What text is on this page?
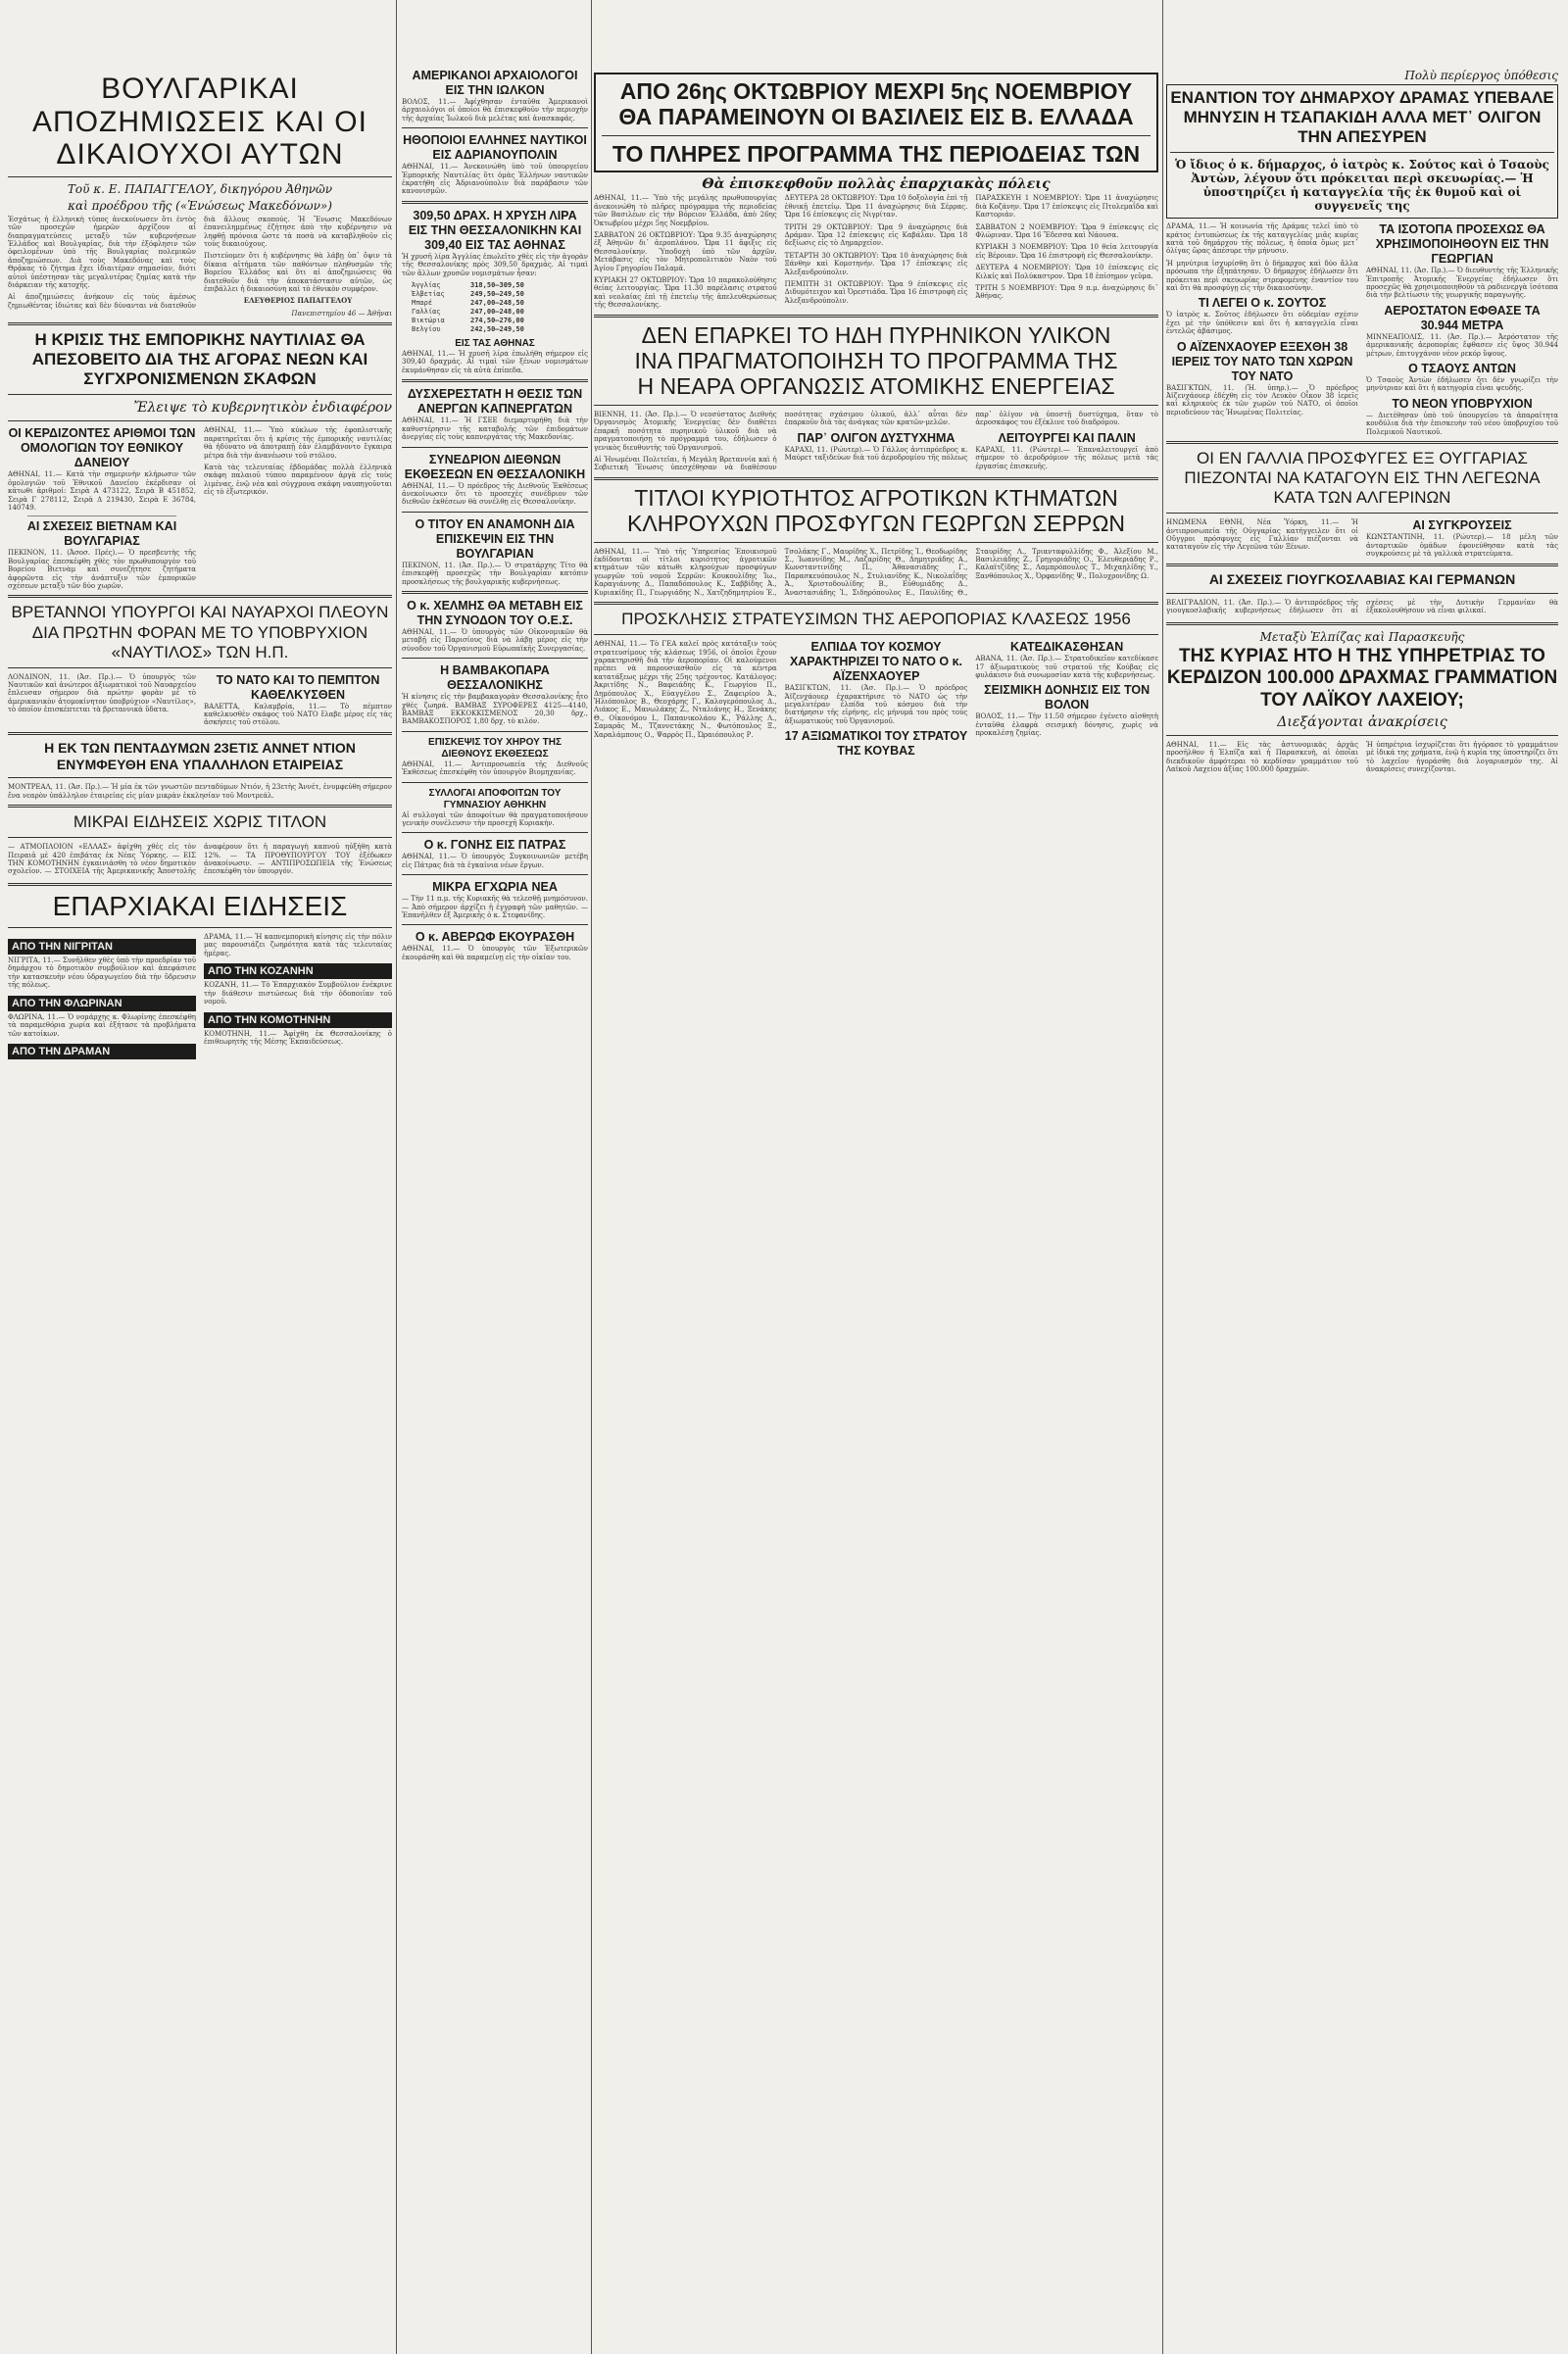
ΒΟΥΛΓΑΡΙΚΑΙ ΑΠΟΖΗΜΙΩΣΕΙΣ ΚΑΙ ΟΙ ΔΙΚΑΙΟΥΧΟΙ ΑΥΤΩΝ
Τοῦ κ. Ε. ΠΑΠΑΓΓΕΛΟΥ, δικηγόρου Ἀθηνῶν
καὶ προέδρου τῆς («Ἑνώσεως Μακεδόνων»)

Ἐσχάτως ἡ ἑλληνικὴ τύπος ἀνεκοίνωσεν ὅτι ἐντὸς τῶν προσεχῶν ἡμερῶν ἀρχίζουν αἱ διαπραγματεύσεις μεταξὺ τῶν κυβερνήσεων Ἑλλάδος καὶ Βουλγαρίας, διὰ τὴν ἐξόφλησιν τῶν ὀφειλομένων ὑπὸ τῆς Βουλγαρίας πολεμικῶν ἀποζημιώσεων. Διὰ τοὺς Μακεδόνας καὶ τοὺς Θρᾷκας τὸ ζήτημα ἔχει ἰδιαιτέραν σημασίαν, διότι αὐτοὶ ὑπέστησαν τὰς μεγαλυτέρας ζημίας κατὰ τὴν διάρκειαν τῆς κατοχῆς.

Αἱ ἀποζημιώσεις ἀνήκουν εἰς τοὺς ἀμέσως ζημιωθέντας ἰδιώτας καὶ δὲν δύνανται νὰ διατεθοῦν διὰ ἄλλους σκοπούς. Ἡ Ἕνωσις Μακεδόνων ἐπανειλημμένως ἐζήτησε ἀπὸ τὴν κυβέρνησιν νὰ ληφθῇ πρόνοια ὥστε τὰ ποσὰ νὰ καταβληθοῦν εἰς τοὺς δικαιούχους.

Πιστεύομεν ὅτι ἡ κυβέρνησις θὰ λάβῃ ὑπ᾽ ὄψιν τὰ δίκαια αἰτήματα τῶν παθόντων πληθυσμῶν τῆς Βορείου Ἑλλάδος καὶ ὅτι αἱ ἀποζημιώσεις θὰ διατεθοῦν διὰ τὴν ἀποκατάστασιν αὐτῶν, ὡς ἐπιβάλλει ἡ δικαιοσύνη καὶ τὸ ἐθνικὸν συμφέρον.

ΕΛΕΥΘΕΡΙΟΣ ΠΑΠΑΓΓΕΛΟΥ

Πανεπιστημίου 46 — Ἀθῆναι

Η ΚΡΙΣΙΣ ΤΗΣ ΕΜΠΟΡΙΚΗΣ ΝΑΥΤΙΛΙΑΣ ΘΑ ΑΠΕΣΟΒΕΙΤΟ ΔΙΑ ΤΗΣ ΑΓΟΡΑΣ ΝΕΩΝ ΚΑΙ ΣΥΓΧΡΟΝΙΣΜΕΝΩΝ ΣΚΑΦΩΝ
Ἔλειψε τὸ κυβερνητικὸν ἐνδιαφέρον
ΟΙ ΚΕΡΔΙΖΟΝΤΕΣ ΑΡΙΘΜΟΙ ΤΩΝ ΟΜΟΛΟΓΙΩΝ ΤΟΥ ΕΘΝΙΚΟΥ ΔΑΝΕΙΟΥ

ΑΘΗΝΑΙ, 11.— Κατὰ τὴν σημερινὴν κλήρωσιν τῶν ὁμολογιῶν τοῦ Ἐθνικοῦ Δανείου ἐκέρδισαν οἱ κάτωθι ἀριθμοί: Σειρὰ Α 473122, Σειρὰ Β 451852, Σειρὰ Γ 278112, Σειρὰ Δ 219430, Σειρὰ Ε 36784, 140749.

ΑΙ ΣΧΕΣΕΙΣ ΒΙΕΤΝΑΜ ΚΑΙ ΒΟΥΛΓΑΡΙΑΣ

ΠΕΚΙΝΟΝ, 11. (Ἀσοσ. Πρές).— Ὁ πρεσβευτὴς τῆς Βουλγαρίας ἐπεσκέφθη χθὲς τὸν πρωθυπουργὸν τοῦ Βορείου Βιετνὰμ καὶ συνεζήτησε ζητήματα ἀφορῶντα εἰς τὴν ἀνάπτυξιν τῶν ἐμπορικῶν σχέσεων μεταξὺ τῶν δύο χωρῶν.

ΑΘΗΝΑΙ, 11.— Ὑπὸ κύκλων τῆς ἐφοπλιστικῆς παρατηρεῖται ὅτι ἡ κρίσις τῆς ἐμπορικῆς ναυτιλίας θὰ ἠδύνατο νὰ ἀποτραπῇ ἐὰν ἐλαμβάνοντο ἔγκαιρα μέτρα διὰ τὴν ἀνανέωσιν τοῦ στόλου.

Κατὰ τὰς τελευταίας ἑβδομάδας πολλὰ ἑλληνικὰ σκάφη παλαιοῦ τύπου παραμένουν ἀργὰ εἰς τοὺς λιμένας, ἐνῷ νέα καὶ σύγχρονα σκάφη ναυπηγοῦνται εἰς τὸ ἐξωτερικόν.

ΒΡΕΤΑΝΝΟΙ ΥΠΟΥΡΓΟΙ ΚΑΙ ΝΑΥΑΡΧΟΙ ΠΛΕΟΥΝ ΔΙΑ ΠΡΩΤΗΝ ΦΟΡΑΝ ΜΕ ΤΟ ΥΠΟΒΡΥΧΙΟΝ «ΝΑΥΤΙΛΟΣ» ΤΩΝ Η.Π.

ΛΟΝΔΙΝΟΝ, 11. (Ἀσ. Πρ.).— Ὁ ὑπουργὸς τῶν Ναυτικῶν καὶ ἀνώτεροι ἀξιωματικοὶ τοῦ Ναυαρχείου ἔπλευσαν σήμερον διὰ πρώτην φορὰν μὲ τὸ ἀμερικανικὸν ἀτομοκίνητον ὑποβρύχιον «Ναυτίλος», τὸ ὁποῖον ἐπισκέπτεται τὰ βρεταννικὰ ὕδατα.

ΤΟ ΝΑΤΟ ΚΑΙ ΤΟ ΠΕΜΠΤΟΝ ΚΑΘΕΛΚΥΣΘΕΝ

ΒΑΛΕΤΤΑ, Καλαμβρία, 11.— Τὸ πέμπτον καθελκυσθὲν σκάφος τοῦ ΝΑΤΟ ἔλαβε μέρος εἰς τὰς ἀσκήσεις τοῦ στόλου.

Η ΕΚ ΤΩΝ ΠΕΝΤΑΔΥΜΩΝ 23ΕΤΙΣ ΑΝΝΕΤ ΝΤΙΟΝ ΕΝΥΜΦΕΥΘΗ ΕΝΑ ΥΠΑΛΛΗΛΟΝ ΕΤΑΙΡΕΙΑΣ

ΜΟΝΤΡΕΑΛ, 11. (Ἀσ. Πρ.).— Ἡ μία ἐκ τῶν γνωστῶν πενταδύμων Ντιόν, ἡ 23ετὴς Ἀννέτ, ἐνυμφεύθη σήμερον ἕνα νεαρὸν ὑπάλληλον ἐταιρείας εἰς μίαν μικρὰν ἐκκλησίαν τοῦ Μοντρεάλ.

ΜΙΚΡΑΙ ΕΙΔΗΣΕΙΣ ΧΩΡΙΣ ΤΙΤΛΟΝ

— ΑΤΜΟΠΛΟΙΟΝ «ΕΛΛΑΣ» ἀφίχθη χθὲς εἰς τὸν Πειραιᾶ μὲ 420 ἐπιβάτας ἐκ Νέας Ὑόρκης. — ΕΙΣ ΤΗΝ ΚΟΜΟΤΗΝΗΝ ἐγκαινιάσθη τὸ νέον δημοτικὸν σχολεῖον. — ΣΤΟΙΧΕΙΑ τῆς Ἀμερικανικῆς Ἀποστολῆς ἀναφέρουν ὅτι ἡ παραγωγὴ καπνοῦ ηὐξήθη κατὰ 12%. — ΤΑ ΠΡΟΘΥΠΟΥΡΓΟΥ ΤΟΥ ἐξέδωκεν ἀνακοίνωσιν. — ΑΝΤΙΠΡΟΣΩΠΕΙΑ τῆς Ἑνώσεως ἐπεσκέφθη τὸν ὑπουργόν.

ΕΠΑΡΧΙΑΚΑΙ ΕΙΔΗΣΕΙΣ
ΑΠΟ ΤΗΝ ΝΙΓΡΙΤΑΝ

ΝΙΓΡΙΤΑ, 11.— Συνῆλθεν χθὲς ὑπὸ τὴν προεδρίαν τοῦ δημάρχου τὸ δημοτικὸν συμβούλιον καὶ ἀπεφάσισε τὴν κατασκευὴν νέου ὑδραγωγείου διὰ τὴν ὕδρευσιν τῆς πόλεως.

ΑΠΟ ΤΗΝ ΦΛΩΡΙΝΑΝ

ΦΛΩΡΙΝΑ, 11.— Ὁ νομάρχης κ. Φλωρίνης ἐπεσκέφθη τὰ παραμεθόρια χωρία καὶ ἐξήτασε τὰ προβλήματα τῶν κατοίκων.

ΑΠΟ ΤΗΝ ΔΡΑΜΑΝ

ΔΡΑΜΑ, 11.— Ἡ καπνεμπορικὴ κίνησις εἰς τὴν πόλιν μας παρουσιάζει ζωηρότητα κατὰ τὰς τελευταίας ἡμέρας.

ΑΠΟ ΤΗΝ ΚΟΖΑΝΗΝ

ΚΟΖΑΝΗ, 11.— Τὸ Ἐπαρχιακὸν Συμβούλιον ἐνέκρινε τὴν διάθεσιν πιστώσεως διὰ τὴν ὁδοποιίαν τοῦ νομοῦ.

ΑΠΟ ΤΗΝ ΚΟΜΟΤΗΝΗΝ

ΚΟΜΟΤΗΝΗ, 11.— Ἀφίχθη ἐκ Θεσσαλονίκης ὁ ἐπιθεωρητὴς τῆς Μέσης Ἐκπαιδεύσεως.

ΑΜΕΡΙΚΑΝΟΙ ΑΡΧΑΙΟΛΟΓΟΙ ΕΙΣ ΤΗΝ ΙΩΛΚΟΝ

ΒΟΛΟΣ, 11.— Ἀφίχθησαν ἐνταῦθα Ἀμερικανοὶ ἀρχαιολόγοι οἱ ὁποῖοι θὰ ἐπισκεφθοῦν τὴν περιοχὴν τῆς ἀρχαίας Ἰωλκοῦ διὰ μελέτας καὶ ἀνασκαφάς.

ΗΘΟΠΟΙΟΙ ΕΛΛΗΝΕΣ ΝΑΥΤΙΚΟΙ ΕΙΣ ΑΔΡΙΑΝΟΥΠΟΛΙΝ

ΑΘΗΝΑΙ, 11.— Ἀνεκοινώθη ὑπὸ τοῦ ὑπουργείου Ἐμπορικῆς Ναυτιλίας ὅτι ὁμὰς Ἑλλήνων ναυτικῶν ἐκρατήθη εἰς Ἀδριανούπολιν διὰ παράβασιν τῶν κανονισμῶν.

309,50 ΔΡΑΧ. Η ΧΡΥΣΗ ΛΙΡΑ ΕΙΣ ΤΗΝ ΘΕΣΣΑΛΟΝΙΚΗΝ ΚΑΙ 309,40 ΕΙΣ ΤΑΣ ΑΘΗΝΑΣ

Ἡ χρυσῆ λίρα Ἀγγλίας ἐπωλεῖτο χθὲς εἰς τὴν ἀγορὰν τῆς Θεσσαλονίκης πρὸς 309,50 δραχμάς. Αἱ τιμαὶ τῶν ἄλλων χρυσῶν νομισμάτων ἦσαν:

Ἀγγλίας	318,50—309,50
Ἐλβετίας	249,50—249,50
Μπαρέ	247,00—248,50
Γαλλίας	247,00—248,00
Βικτώρια	274,50—276,00
Βελγίου	242,50—249,50
ΕΙΣ ΤΑΣ ΑΘΗΝΑΣ

ΑΘΗΝΑΙ, 11.— Ἡ χρυσῆ λίρα ἐπωλήθη σήμερον εἰς 309,40 δραχμάς. Αἱ τιμαὶ τῶν ξένων νομισμάτων ἐκυμάνθησαν εἰς τὰ αὐτὰ ἐπίπεδα.

ΔΥΣΧΕΡΕΣΤΑΤΗ Η ΘΕΣΙΣ ΤΩΝ ΑΝΕΡΓΩΝ ΚΑΠΝΕΡΓΑΤΩΝ

ΑΘΗΝΑΙ, 11.— Ἡ ΓΣΕΕ διεμαρτυρήθη διὰ τὴν καθυστέρησιν τῆς καταβολῆς τῶν ἐπιδομάτων ἀνεργίας εἰς τοὺς καπνεργάτας τῆς Μακεδονίας.

ΣΥΝΕΔΡΙΟΝ ΔΙΕΘΝΩΝ ΕΚΘΕΣΕΩΝ ΕΝ ΘΕΣΣΑΛΟΝΙΚΗ

ΑΘΗΝΑΙ, 11.— Ὁ πρόεδρος τῆς Διεθνοῦς Ἐκθέσεως ἀνεκοίνωσεν ὅτι τὸ προσεχὲς συνέδριον τῶν διεθνῶν ἐκθέσεων θὰ συνέλθῃ εἰς Θεσσαλονίκην.

Ο ΤΙΤΟΥ ΕΝ ΑΝΑΜΟΝΗ ΔΙΑ ΕΠΙΣΚΕΨΙΝ ΕΙΣ ΤΗΝ ΒΟΥΛΓΑΡΙΑΝ

ΠΕΚΙΝΟΝ, 11. (Ἀσ. Πρ.).— Ὁ στρατάρχης Τίτο θὰ ἐπισκεφθῇ προσεχῶς τὴν Βουλγαρίαν κατόπιν προσκλήσεως τῆς βουλγαρικῆς κυβερνήσεως.

Ο κ. ΧΕΛΜΗΣ ΘΑ ΜΕΤΑΒΗ ΕΙΣ ΤΗΝ ΣΥΝΟΔΟΝ ΤΟΥ Ο.Ε.Σ.

ΑΘΗΝΑΙ, 11.— Ὁ ὑπουργὸς τῶν Οἰκονομικῶν θὰ μεταβῇ εἰς Παρισίους διὰ νὰ λάβῃ μέρος εἰς τὴν σύνοδον τοῦ Ὀργανισμοῦ Εὐρωπαϊκῆς Συνεργασίας.

Η ΒΑΜΒΑΚΟΠΑΡΑ ΘΕΣΣΑΛΟΝΙΚΗΣ

Ἡ κίνησις εἰς τὴν βαμβακαγορὰν Θεσσαλονίκης ἦτο χθὲς ζωηρά. ΒΑΜΒΑΞ ΣΥΡΟΦΕΡΕΣ 4125—4140, ΒΑΜΒΑΞ ΕΚΚΟΚΚΙΣΜΕΝΟΣ 20,30 δρχ., ΒΑΜΒΑΚΟΣΠΟΡΟΣ 1,80 δρχ. τὸ κιλόν.

ΕΠΙΣΚΕΨΙΣ ΤΟΥ ΧΗΡΟΥ ΤΗΣ ΔΙΕΘΝΟΥΣ ΕΚΘΕΣΕΩΣ

ΑΘΗΝΑΙ, 11.— Ἀντιπροσωπεία τῆς Διεθνοῦς Ἐκθέσεως ἐπεσκέφθη τὸν ὑπουργὸν Βιομηχανίας.

ΣΥΛΛΟΓΑΙ ΑΠΟΦΟΙΤΩΝ ΤΟΥ ΓΥΜΝΑΣΙΟΥ ΑΘΗΚΗΝ

Αἱ συλλογαὶ τῶν ἀποφοίτων θὰ πραγματοποιήσουν γενικὴν συνέλευσιν τὴν προσεχῆ Κυριακήν.

Ο κ. ΓΟΝΗΣ ΕΙΣ ΠΑΤΡΑΣ

ΑΘΗΝΑΙ, 11.— Ὁ ὑπουργὸς Συγκοινωνιῶν μετέβη εἰς Πάτρας διὰ τὰ ἐγκαίνια νέων ἔργων.

ΜΙΚΡΑ ΕΓΧΩΡΙΑ ΝΕΑ

— Τὴν 11 π.μ. τῆς Κυριακῆς θὰ τελεσθῇ μνημόσυνον. — Ἀπὸ σήμερον ἀρχίζει ἡ ἐγγραφὴ τῶν μαθητῶν. — Ἐπανῆλθεν ἐξ Ἀμερικῆς ὁ κ. Στεφανίδης.

Ο κ. ΑΒΕΡΩΦ ΕΚΟΥΡΑΣΘΗ

ΑΘΗΝΑΙ, 11.— Ὁ ὑπουργὸς τῶν Ἐξωτερικῶν ἐκουράσθη καὶ θὰ παραμείνῃ εἰς τὴν οἰκίαν του.

ΑΠΟ 26ης ΟΚΤΩΒΡΙΟΥ ΜΕΧΡΙ 5ης ΝΟΕΜΒΡΙΟΥ
ΘΑ ΠΑΡΑΜΕΙΝΟΥΝ ΟΙ ΒΑΣΙΛΕΙΣ ΕΙΣ Β. ΕΛΛΑΔΑ
ΤΟ ΠΛΗΡΕΣ ΠΡΟΓΡΑΜΜΑ ΤΗΣ ΠΕΡΙΟΔΕΙΑΣ ΤΩΝ
Θὰ ἐπισκεφθοῦν πολλὰς ἐπαρχιακὰς πόλεις

ΑΘΗΝΑΙ, 11.— Ὑπὸ τῆς μεγάλης πρωθυπουργίας ἀνεκοινώθη τὸ πλῆρες πρόγραμμα τῆς περιοδείας τῶν Βασιλέων εἰς τὴν Βόρειον Ἑλλάδα, ἀπὸ 26ης Ὀκτωβρίου μέχρι 5ης Νοεμβρίου.

ΣΑΒΒΑΤΟΝ 26 ΟΚΤΩΒΡΙΟΥ: Ὥρα 9.35 ἀναχώρησις ἐξ Ἀθηνῶν δι᾽ ἀεροπλάνου. Ὥρα 11 ἄφιξις εἰς Θεσσαλονίκην. Ὑποδοχὴ ὑπὸ τῶν ἀρχῶν. Μετάβασις εἰς τὸν Μητροπολιτικὸν Ναὸν τοῦ Ἁγίου Γρηγορίου Παλαμᾶ.

ΚΥΡΙΑΚΗ 27 ΟΚΤΩΒΡΙΟΥ: Ὥρα 10 παρακολούθησις θείας λειτουργίας. Ὥρα 11.30 παρέλασις στρατοῦ καὶ νεολαίας ἐπὶ τῇ ἐπετείῳ τῆς ἀπελευθερώσεως τῆς Θεσσαλονίκης.

ΔΕΥΤΕΡΑ 28 ΟΚΤΩΒΡΙΟΥ: Ὥρα 10 δοξολογία ἐπὶ τῇ ἐθνικῇ ἐπετείῳ. Ὥρα 11 ἀναχώρησις διὰ Σέρρας. Ὥρα 16 ἐπίσκεψις εἰς Νιγρίταν.

ΤΡΙΤΗ 29 ΟΚΤΩΒΡΙΟΥ: Ὥρα 9 ἀναχώρησις διὰ Δράμαν. Ὥρα 12 ἐπίσκεψις εἰς Καβάλαν. Ὥρα 18 δεξίωσις εἰς τὸ Δημαρχεῖον.

ΤΕΤΑΡΤΗ 30 ΟΚΤΩΒΡΙΟΥ: Ὥρα 10 ἀναχώρησις διὰ Ξάνθην καὶ Κομοτηνήν. Ὥρα 17 ἐπίσκεψις εἰς Ἀλεξανδρούπολιν.

ΠΕΜΠΤΗ 31 ΟΚΤΩΒΡΙΟΥ: Ὥρα 9 ἐπίσκεψις εἰς Διδυμότειχον καὶ Ὀρεστιάδα. Ὥρα 16 ἐπιστροφὴ εἰς Ἀλεξανδρούπολιν.

ΠΑΡΑΣΚΕΥΗ 1 ΝΟΕΜΒΡΙΟΥ: Ὥρα 11 ἀναχώρησις διὰ Κοζάνην. Ὥρα 17 ἐπίσκεψις εἰς Πτολεμαΐδα καὶ Καστοριάν.

ΣΑΒΒΑΤΟΝ 2 ΝΟΕΜΒΡΙΟΥ: Ὥρα 9 ἐπίσκεψις εἰς Φλώριναν. Ὥρα 16 Ἔδεσσα καὶ Νάουσα.

ΚΥΡΙΑΚΗ 3 ΝΟΕΜΒΡΙΟΥ: Ὥρα 10 θεία λειτουργία εἰς Βέροιαν. Ὥρα 16 ἐπιστροφὴ εἰς Θεσσαλονίκην.

ΔΕΥΤΕΡΑ 4 ΝΟΕΜΒΡΙΟΥ: Ὥρα 10 ἐπίσκεψις εἰς Κιλκίς καὶ Πολύκαστρον. Ὥρα 18 ἐπίσημον γεῦμα.

ΤΡΙΤΗ 5 ΝΟΕΜΒΡΙΟΥ: Ὥρα 9 π.μ. ἀναχώρησις δι᾽ Ἀθήνας.

ΔΕΝ ΕΠΑΡΚΕΙ ΤΟ ΗΔΗ ΠΥΡΗΝΙΚΟΝ ΥΛΙΚΟΝ
ΙΝΑ ΠΡΑΓΜΑΤΟΠΟΙΗΣΗ ΤΟ ΠΡΟΓΡΑΜΜΑ ΤΗΣ
Η ΝΕΑΡΑ ΟΡΓΑΝΩΣΙΣ ΑΤΟΜΙΚΗΣ ΕΝΕΡΓΕΙΑΣ

ΒΙΕΝΝΗ, 11. (Ἀσ. Πρ.).— Ὁ νεοσύστατος Διεθνὴς Ὀργανισμὸς Ἀτομικῆς Ἐνεργείας δὲν διαθέτει ἐπαρκῆ ποσότητα πυρηνικοῦ ὑλικοῦ διὰ νὰ πραγματοποιήσῃ τὸ πρόγραμμά του, ἐδήλωσεν ὁ γενικὸς διευθυντὴς τοῦ Ὀργανισμοῦ.

Αἱ Ἡνωμέναι Πολιτεῖαι, ἡ Μεγάλη Βρεταννία καὶ ἡ Σοβιετικὴ Ἕνωσις ὑπεσχέθησαν νὰ διαθέσουν ποσότητας σχάσιμου ὑλικοῦ, ἀλλ᾽ αὗται δὲν ἐπαρκοῦν διὰ τὰς ἀνάγκας τῶν κρατῶν-μελῶν.

ΠΑΡ᾽ ΟΛΙΓΟΝ ΔΥΣΤΥΧΗΜΑ

ΚΑΡΑΧΙ, 11. (Ρώυτερ).— Ὁ Γάλλος ἀντιπρόεδρος κ. Μαύρετ ταξιδεύων διὰ τοῦ ἀεροδρομίου τῆς πόλεως παρ᾽ ὀλίγον νὰ ὑποστῇ δυστύχημα, ὅταν τὸ ἀεροσκάφος του ἐξέκλινε τοῦ διαδρόμου.

ΛΕΙΤΟΥΡΓΕΙ ΚΑΙ ΠΑΛΙΝ

ΚΑΡΑΧΙ, 11. (Ρώυτερ).— Ἐπαναλειτουργεῖ ἀπὸ σήμερον τὸ ἀεροδρόμιον τῆς πόλεως μετὰ τὰς ἐργασίας ἐπισκευῆς.

ΤΙΤΛΟΙ ΚΥΡΙΟΤΗΤΟΣ ΑΓΡΟΤΙΚΩΝ ΚΤΗΜΑΤΩΝ
ΚΛΗΡΟΥΧΩΝ ΠΡΟΣΦΥΓΩΝ ΓΕΩΡΓΩΝ ΣΕΡΡΩΝ

ΑΘΗΝΑΙ, 11.— Ὑπὸ τῆς Ὑπηρεσίας Ἐποικισμοῦ ἐκδίδονται οἱ τίτλοι κυριότητος ἀγροτικῶν κτημάτων τῶν κάτωθι κληρούχων προσφύγων γεωργῶν τοῦ νομοῦ Σερρῶν: Κουκουλίδης Ἰω., Καραγιάννης Δ., Παπαδόπουλος Κ., Σαββίδης Ἀ., Κυριακίδης Π., Γεωργιάδης Ν., Χατζηδημητρίου Ἐ., Τσολάκης Γ., Μαυρίδης Χ., Πετρίδης Ἰ., Θεοδωρίδης Σ., Ἰωαννίδης Μ., Λαζαρίδης Θ., Δημητριάδης Α., Κωνσταντινίδης Π., Ἀθανασιάδης Γ., Παρασκευόπουλος Ν., Στυλιανίδης Κ., Νικολαΐδης Ἀ., Χριστοδουλίδης Β., Εὐθυμιάδης Δ., Ἀναστασιάδης Ἰ., Σιδηρόπουλος Ε., Παυλίδης Θ., Σταυρίδης Λ., Τριανταφυλλίδης Φ., Ἀλεξίου Μ., Βασιλειάδης Ζ., Γρηγοριάδης Ο., Ἐλευθεριάδης Ρ., Καλαϊτζίδης Σ., Λαμπρόπουλος Τ., Μιχαηλίδης Υ., Ξανθόπουλος Χ., Ὀρφανίδης Ψ., Πολυχρονίδης Ω.

ΠΡΟΣΚΛΗΣΙΣ ΣΤΡΑΤΕΥΣΙΜΩΝ ΤΗΣ ΑΕΡΟΠΟΡΙΑΣ ΚΛΑΣΕΩΣ 1956

ΑΘΗΝΑΙ, 11.— Τὸ ΓΕΑ καλεῖ πρὸς κατάταξιν τοὺς στρατευσίμους τῆς κλάσεως 1956, οἱ ὁποῖοι ἔχουν χαρακτηρισθῆ διὰ τὴν ἀεροπορίαν. Οἱ καλούμενοι πρέπει νὰ παρουσιασθοῦν εἰς τὰ κέντρα κατατάξεως μέχρι τῆς 25ης τρέχοντος. Κατάλογος: Ἀκριτίδης Ν., Βαφειάδης Κ., Γεωργίου Π., Δημόπουλος Χ., Εὐαγγέλου Σ., Ζαφειρίου Ἀ., Ἠλιόπουλος Β., Θεοχάρης Γ., Καλογερόπουλος Δ., Λιάκος Ε., Μανωλάκης Ζ., Νταλιάνης Η., Ξενάκης Θ., Οἰκονόμου Ι., Παπανικολάου Κ., Ῥάλλης Λ., Σαμαρᾶς Μ., Τζαννετάκης Ν., Φωτόπουλος Ξ., Χαραλάμπους Ο., Ψαρρὸς Π., Ὠραιόπουλος Ρ.

ΕΛΠΙΔΑ ΤΟΥ ΚΟΣΜΟΥ ΧΑΡΑΚΤΗΡΙΖΕΙ ΤΟ ΝΑΤΟ Ο κ. ΑΪΖΕΝΧΑΟΥΕΡ

ΒΑΣΙΓΚΤΩΝ, 11. (Ἀσ. Πρ.).— Ὁ πρόεδρος Ἀϊζενχάουερ ἐχαρακτήρισε τὸ ΝΑΤΟ ὡς τὴν μεγαλυτέραν ἐλπίδα τοῦ κόσμου διὰ τὴν διατήρησιν τῆς εἰρήνης, εἰς μήνυμά του πρὸς τοὺς ἀξιωματικοὺς τοῦ Ὀργανισμοῦ.

17 ΑΞΙΩΜΑΤΙΚΟΙ ΤΟΥ ΣΤΡΑΤΟΥ ΤΗΣ ΚΟΥΒΑΣ ΚΑΤΕΔΙΚΑΣΘΗΣΑΝ

ΑΒΑΝΑ, 11. (Ἀσ. Πρ.).— Στρατοδικεῖον κατεδίκασε 17 ἀξιωματικοὺς τοῦ στρατοῦ τῆς Κούβας εἰς φυλάκισιν διὰ συνωμοσίαν κατὰ τῆς κυβερνήσεως.

ΣΕΙΣΜΙΚΗ ΔΟΝΗΣΙΣ ΕΙΣ ΤΟΝ ΒΟΛΟΝ

ΒΟΛΟΣ, 11.— Τὴν 11.50 σήμερον ἐγένετο αἰσθητὴ ἐνταῦθα ἐλαφρὰ σεισμικὴ δόνησις, χωρὶς νὰ προκαλέσῃ ζημίας.

Πολὺ περίεργος ὑπόθεσις
ΕΝΑΝΤΙΟΝ ΤΟΥ ΔΗΜΑΡΧΟΥ ΔΡΑΜΑΣ ΥΠΕΒΑΛΕ ΜΗΝΥΣΙΝ Η ΤΣΑΠΑΚΙΔΗ ΑΛΛΑ ΜΕΤ᾽ ΟΛΙΓΟΝ ΤΗΝ ΑΠΕΣΥΡΕΝ
Ὁ ἴδιος ὁ κ. δήμαρχος, ὁ ἰατρὸς κ. Σούτος καὶ ὁ Τσαοὺς Ἀντὼν, λέγουν ὅτι πρόκειται περὶ σκευωρίας.— Ἡ ὑποστηρίζει ἡ καταγγελία τῆς ἐκ θυμοῦ καὶ οἱ συγγενεῖς της

ΔΡΑΜΑ, 11.— Ἡ κοινωνία τῆς Δράμας τελεῖ ὑπὸ τὸ κράτος ἐντυπώσεως ἐκ τῆς καταγγελίας μιᾶς κυρίας κατὰ τοῦ δημάρχου τῆς πόλεως, ἡ ὁποία ὅμως μετ᾽ ὀλίγας ὥρας ἀπέσυρε τὴν μήνυσιν.

Ἡ μηνύτρια ἰσχυρίσθη ὅτι ὁ δήμαρχος καὶ δύο ἄλλα πρόσωπα τὴν ἐξηπάτησαν. Ὁ δήμαρχος ἐδήλωσεν ὅτι πρόκειται περὶ σκευωρίας στρεφομένης ἐναντίον του καὶ ὅτι θὰ προσφύγῃ εἰς τὴν δικαιοσύνην.

ΤΙ ΛΕΓΕΙ Ο κ. ΣΟΥΤΟΣ

Ὁ ἰατρὸς κ. Σοῦτος ἐδήλωσεν ὅτι οὐδεμίαν σχέσιν ἔχει μὲ τὴν ὑπόθεσιν καὶ ὅτι ἡ καταγγελία εἶναι ἐντελῶς ἀβάσιμος.

Ο ΑΪΖΕΝΧΑΟΥΕΡ ΕΞΕΧΘΗ 38 ΙΕΡΕΙΣ ΤΟΥ ΝΑΤΟ ΤΩΝ ΧΩΡΩΝ ΤΟΥ ΝΑΤΟ

ΒΑΣΙΓΚΤΩΝ, 11. (Ἡ. ὑπηρ.).— Ὁ πρόεδρος Ἀϊζενχάουερ ἐδέχθη εἰς τὸν Λευκὸν Οἶκον 38 ἱερεῖς καὶ κληρικοὺς ἐκ τῶν χωρῶν τοῦ ΝΑΤΟ, οἱ ὁποῖοι περιοδεύουν τὰς Ἡνωμένας Πολιτείας.

ΤΑ ΙΣΟΤΟΠΑ ΠΡΟΣΕΧΩΣ ΘΑ ΧΡΗΣΙΜΟΠΟΙΗΘΟΥΝ ΕΙΣ ΤΗΝ ΓΕΩΡΓΙΑΝ

ΑΘΗΝΑΙ, 11. (Ἀσ. Πρ.).— Ὁ διευθυντὴς τῆς Ἑλληνικῆς Ἐπιτροπῆς Ἀτομικῆς Ἐνεργείας ἐδήλωσεν ὅτι προσεχῶς θὰ χρησιμοποιηθοῦν τὰ ραδιενεργὰ ἰσότοπα διὰ τὴν βελτίωσιν τῆς γεωργικῆς παραγωγῆς.

ΑΕΡΟΣΤΑΤΟΝ ΕΦΘΑΣΕ ΤΑ 30.944 ΜΕΤΡΑ

ΜΙΝΝΕΑΠΟΛΙΣ, 11. (Ἀσ. Πρ.).— Ἀερόστατον τῆς ἀμερικανικῆς ἀεροπορίας ἔφθασεν εἰς ὕψος 30.944 μέτρων, ἐπιτυγχάνον νέον ρεκόρ ὕψους.

Ο ΤΣΑΟΥΣ ΑΝΤΩΝ

Ὁ Τσαοὺς Ἀντὼν ἐδήλωσεν ὅτι δὲν γνωρίζει τὴν μηνύτριαν καὶ ὅτι ἡ κατηγορία εἶναι ψευδής.

ΤΟ ΝΕΟΝ ΥΠΟΒΡΥΧΙΟΝ

— Διετέθησαν ὑπὸ τοῦ ὑπουργείου τὰ ἀπαραίτητα κονδύλια διὰ τὴν ἐπισκευὴν τοῦ νέου ὑποβρυχίου τοῦ Πολεμικοῦ Ναυτικοῦ.

ΟΙ ΕΝ ΓΑΛΛΙΑ ΠΡΟΣΦΥΓΕΣ ΕΞ ΟΥΓΓΑΡΙΑΣ ΠΙΕΖΟΝΤΑΙ ΝΑ ΚΑΤΑΓΟΥΝ ΕΙΣ ΤΗΝ ΛΕΓΕΩΝΑ ΚΑΤΑ ΤΩΝ ΑΛΓΕΡΙΝΩΝ

ΗΝΩΜΕΝΑ ΕΘΝΗ, Νέα Ὑόρκη, 11.— Ἡ ἀντιπροσωπεία τῆς Οὐγγαρίας κατήγγειλεν ὅτι οἱ Οὔγγροι πρόσφυγες εἰς Γαλλίαν πιέζονται νὰ καταταγοῦν εἰς τὴν Λεγεῶνα τῶν Ξένων.

ΑΙ ΣΥΓΚΡΟΥΣΕΙΣ

ΚΩΝΣΤΑΝΤΙΝΗ, 11. (Ρώυτερ).— 18 μέλη τῶν ἀνταρτικῶν ὁμάδων ἐφονεύθησαν κατὰ τὰς συγκρούσεις μὲ τὰ γαλλικὰ στρατεύματα.

ΑΙ ΣΧΕΣΕΙΣ ΓΙΟΥΓΚΟΣΛΑΒΙΑΣ ΚΑΙ ΓΕΡΜΑΝΩΝ

ΒΕΛΙΓΡΑΔΙΟΝ, 11. (Ἀσ. Πρ.).— Ὁ ἀντιπρόεδρος τῆς γιουγκοσλαβικῆς κυβερνήσεως ἐδήλωσεν ὅτι αἱ σχέσεις μὲ τὴν Δυτικὴν Γερμανίαν θὰ ἐξακολουθήσουν νὰ εἶναι φιλικαί.

Μεταξὺ Ἐλπίζας καὶ Παρασκευῆς
ΤΗΣ ΚΥΡΙΑΣ ΗΤΟ Η ΤΗΣ ΥΠΗΡΕΤΡΙΑΣ ΤΟ ΚΕΡΔΙΖΟΝ 100.000 ΔΡΑΧΜΑΣ ΓΡΑΜΜΑΤΙΟΝ ΤΟΥ ΛΑΪΚΟΥ ΛΑΧΕΙΟΥ;
Διεξάγονται ἀνακρίσεις

ΑΘΗΝΑΙ, 11.— Εἰς τὰς ἀστυνομικὰς ἀρχὰς προσῆλθον ἡ Ἐλπίζα καὶ ἡ Παρασκευὴ, αἱ ὁποῖαι διεκδικοῦν ἀμφότεραι τὸ κερδίσαν γραμμάτιον τοῦ Λαϊκοῦ Λαχείου ἀξίας 100.000 δραχμῶν.

Ἡ ὑπηρέτρια ἰσχυρίζεται ὅτι ἠγόρασε τὸ γραμμάτιον μὲ ἰδικά της χρήματα, ἐνῷ ἡ κυρία της ὑποστηρίζει ὅτι τὸ λαχεῖον ἠγοράσθη διὰ λογαριασμόν της. Αἱ ἀνακρίσεις συνεχίζονται.
